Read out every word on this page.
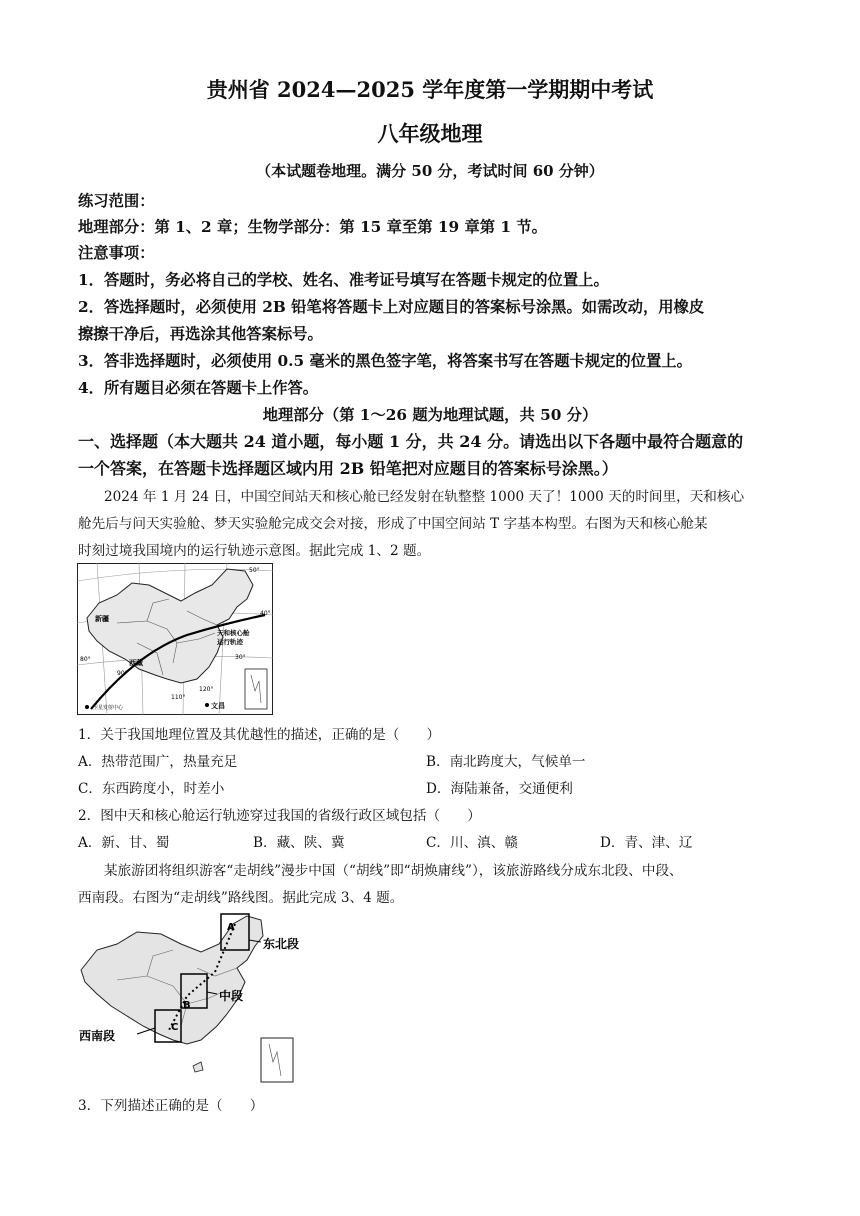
贵州省 2024—2025 学年度第一学期期中考试
八年级地理
（本试题卷地理。满分 50 分，考试时间 60 分钟）
练习范围：
地理部分：第 1、2 章；生物学部分：第 15 章至第 19 章第 1 节。
注意事项：
1．答题时，务必将自己的学校、姓名、准考证号填写在答题卡规定的位置上。
2．答选择题时，必须使用 2B 铅笔将答题卡上对应题目的答案标号涂黑。如需改动，用橡皮
擦擦干净后，再选涂其他答案标号。
3．答非选择题时，必须使用 0.5 毫米的黑色签字笔，将答案书写在答题卡规定的位置上。
4．所有题目必须在答题卡上作答。
地理部分（第 1～26 题为地理试题，共 50 分）
一、选择题（本大题共 24 道小题，每小题 1 分，共 24 分。请选出以下各题中最符合题意的
一个答案，在答题卡选择题区域内用 2B 铅笔把对应题目的答案标号涂黑。）
2024 年 1 月 24 日，中国空间站天和核心舱已经发射在轨整整 1000 天了！1000 天的时间里，天和核心
舱先后与问天实验舱、梦天实验舱完成交会对接，形成了中国空间站 T 字基本构型。右图为天和核心舱某
时刻过境我国境内的运行轨迹示意图。据此完成 1、2 题。
新疆
西藏
天和核心舱
运行轨迹
卫星发射中心	文昌
50°
40°
30°
80°
90°
110°
120°
1．关于我国地理位置及其优越性的描述，正确的是（　　）
A．热带范围广，热量充足	B．南北跨度大，气候单一
C．东西跨度小，时差小	D．海陆兼备，交通便利
2．图中天和核心舱运行轨迹穿过我国的省级行政区域包括（　　）
A．新、甘、蜀	B．藏、陕、冀	C．川、滇、赣	D．青、津、辽
某旅游团将组织游客“走胡线”漫步中国（“胡线”即“胡焕庸线”），该旅游路线分成东北段、中段、
西南段。右图为“走胡线”路线图。据此完成 3、4 题。
A
B
C
东北段
中段
西南段
3．下列描述正确的是（　　）
